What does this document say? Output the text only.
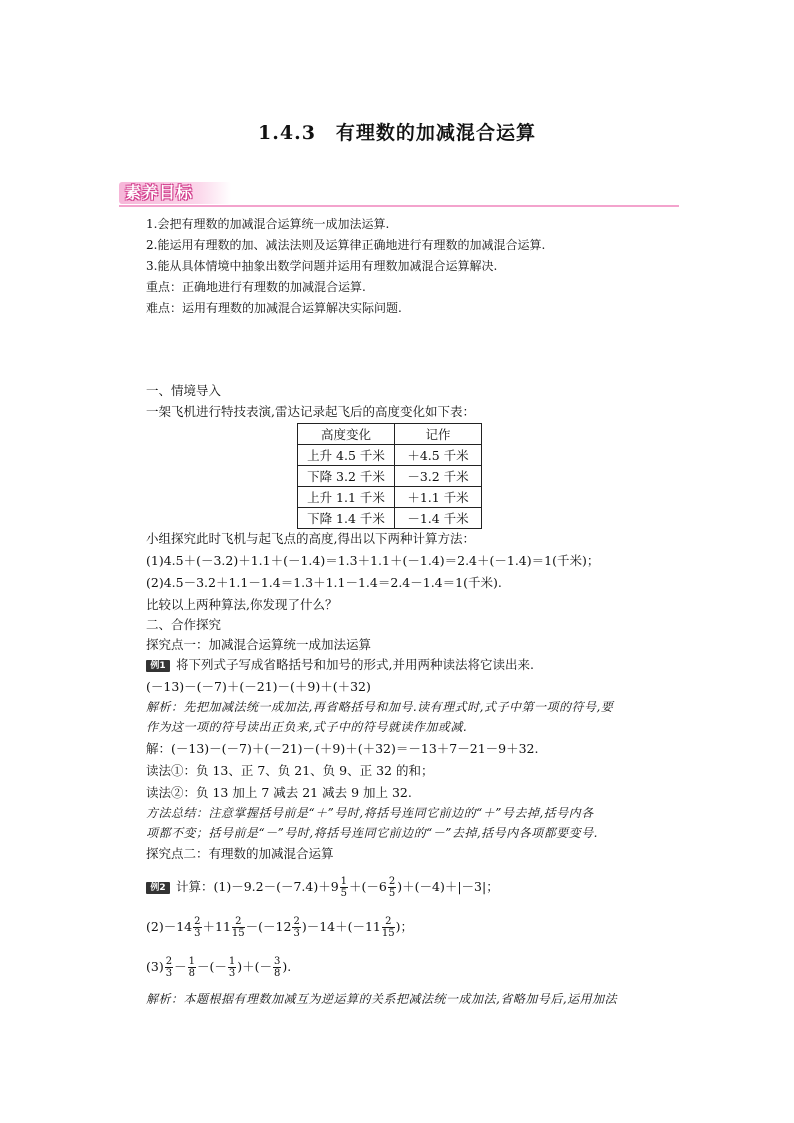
1.4.3　有理数的加减混合运算
素养目标
1.会把有理数的加减混合运算统一成加法运算.
2.能运用有理数的加、减法法则及运算律正确地进行有理数的加减混合运算.
3.能从具体情境中抽象出数学问题并运用有理数加减混合运算解决.
重点：正确地进行有理数的加减混合运算.
难点：运用有理数的加减混合运算解决实际问题.
一、情境导入
一架飞机进行特技表演,雷达记录起飞后的高度变化如下表：
高度变化	记作
上升 4.5 千米	＋4.5 千米
下降 3.2 千米	－3.2 千米
上升 1.1 千米	＋1.1 千米
下降 1.4 千米	－1.4 千米
小组探究此时飞机与起飞点的高度,得出以下两种计算方法：
(1)4.5＋(－3.2)＋1.1＋(－1.4)＝1.3＋1.1＋(－1.4)＝2.4＋(－1.4)＝1(千米)；
(2)4.5－3.2＋1.1－1.4＝1.3＋1.1－1.4＝2.4－1.4＝1(千米).
比较以上两种算法,你发现了什么？
二、合作探究
探究点一：加减混合运算统一成加法运算
例1 将下列式子写成省略括号和加号的形式,并用两种读法将它读出来.
(－13)－(－7)＋(－21)－(＋9)＋(＋32)
解析：先把加减法统一成加法,再省略括号和加号.读有理式时,式子中第一项的符号,要
作为这一项的符号读出正负来,式子中的符号就读作加或减.
解：(－13)－(－7)＋(－21)－(＋9)＋(＋32)＝－13＋7－21－9＋32.
读法①：负 13、正 7、负 21、负 9、正 32 的和；
读法②：负 13 加上 7 减去 21 减去 9 加上 32.
方法总结：注意掌握括号前是“＋”号时,将括号连同它前边的“＋”号去掉,括号内各
项都不变；括号前是“－”号时,将括号连同它前边的“－”去掉,括号内各项都要变号.
探究点二：有理数的加减混合运算
例2 计算：$(1)-9.2-(-7.4)+9 \frac{1}{5} +(-6 \frac{2}{5} )+(-4)+|-3|$；
$(2)-14 \frac{2}{3} +11 \frac{2}{15} -(-12 \frac{2}{3} )-14+(-11 \frac{2}{15}$ )；
$(3) \frac{2}{3} - \frac{1}{8}$ －(－ $\frac{1}{3}$ )＋(－ $\frac{3}{8}$ ).
解析：本题根据有理数加减互为逆运算的关系把减法统一成加法,省略加号后,运用加法
